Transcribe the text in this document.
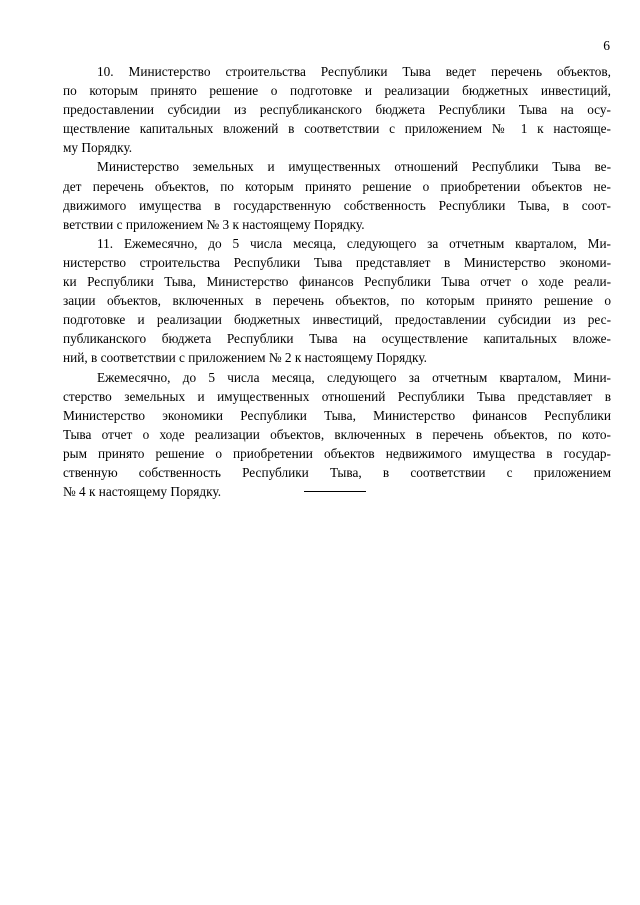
6

10. Министерство строительства Республики Тыва ведет перечень объектов,
по которым принято решение о подготовке и реализации бюджетных инвестиций,
предоставлении субсидии из республиканского бюджета Республики Тыва на осу-
ществление капитальных вложений в соответствии с приложением № 1 к настояще-
му Порядку.

Министерство земельных и имущественных отношений Республики Тыва ве-
дет перечень объектов, по которым принято решение о приобретении объектов не-
движимого имущества в государственную собственность Республики Тыва, в соот-
ветствии с приложением № 3 к настоящему Порядку.

11. Ежемесячно, до 5 числа месяца, следующего за отчетным кварталом, Ми-
нистерство строительства Республики Тыва представляет в Министерство экономи-
ки Республики Тыва, Министерство финансов Республики Тыва отчет о ходе реали-
зации объектов, включенных в перечень объектов, по которым принято решение о
подготовке и реализации бюджетных инвестиций, предоставлении субсидии из рес-
публиканского бюджета Республики Тыва на осуществление капитальных вложе-
ний, в соответствии с приложением № 2 к настоящему Порядку.

Ежемесячно, до 5 числа месяца, следующего за отчетным кварталом, Мини-
стерство земельных и имущественных отношений Республики Тыва представляет в
Министерство экономики Республики Тыва, Министерство финансов Республики
Тыва отчет о ходе реализации объектов, включенных в перечень объектов, по кото-
рым принято решение о приобретении объектов недвижимого имущества в государ-
ственную собственность Республики Тыва, в соответствии с приложением
№ 4 к настоящему Порядку.
